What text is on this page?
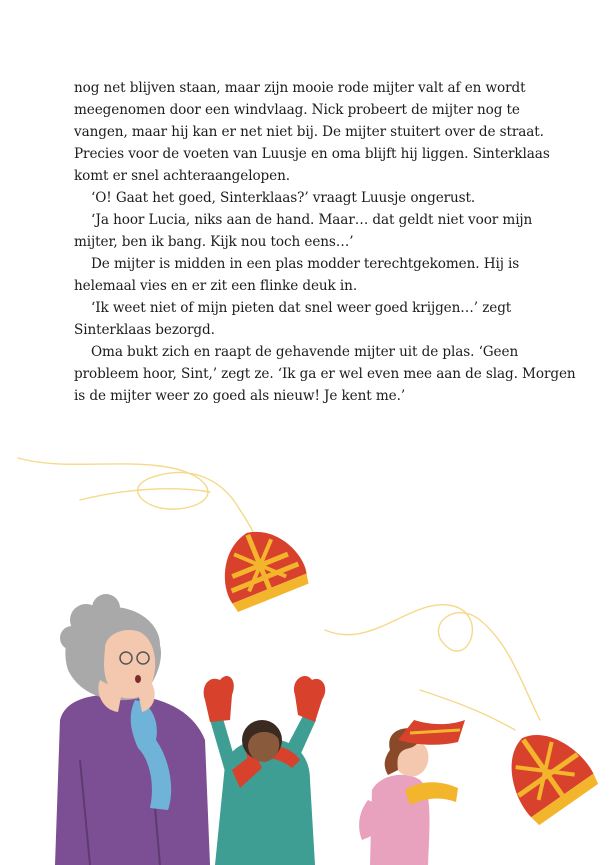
nog net blijven staan, maar zijn mooie rode mijter valt af en wordt

meegenomen door een windvlaag. Nick probeert de mijter nog te

vangen, maar hij kan er net niet bij. De mijter stuitert over de straat.

Precies voor de voeten van Luusje en oma blijft hij liggen. Sinterklaas

komt er snel achteraangelopen.

‘O! Gaat het goed, Sinterklaas?’ vraagt Luusje ongerust.

‘Ja hoor Lucia, niks aan de hand. Maar… dat geldt niet voor mijn

mijter, ben ik bang. Kijk nou toch eens…’

De mijter is midden in een plas modder terechtgekomen. Hij is

helemaal vies en er zit een flinke deuk in.

‘Ik weet niet of mijn pieten dat snel weer goed krijgen…’ zegt

Sinterklaas bezorgd.

Oma bukt zich en raapt de gehavende mijter uit de plas. ‘Geen

probleem hoor, Sint,’ zegt ze. ‘Ik ga er wel even mee aan de slag. Morgen

is de mijter weer zo goed als nieuw! Je kent me.’
